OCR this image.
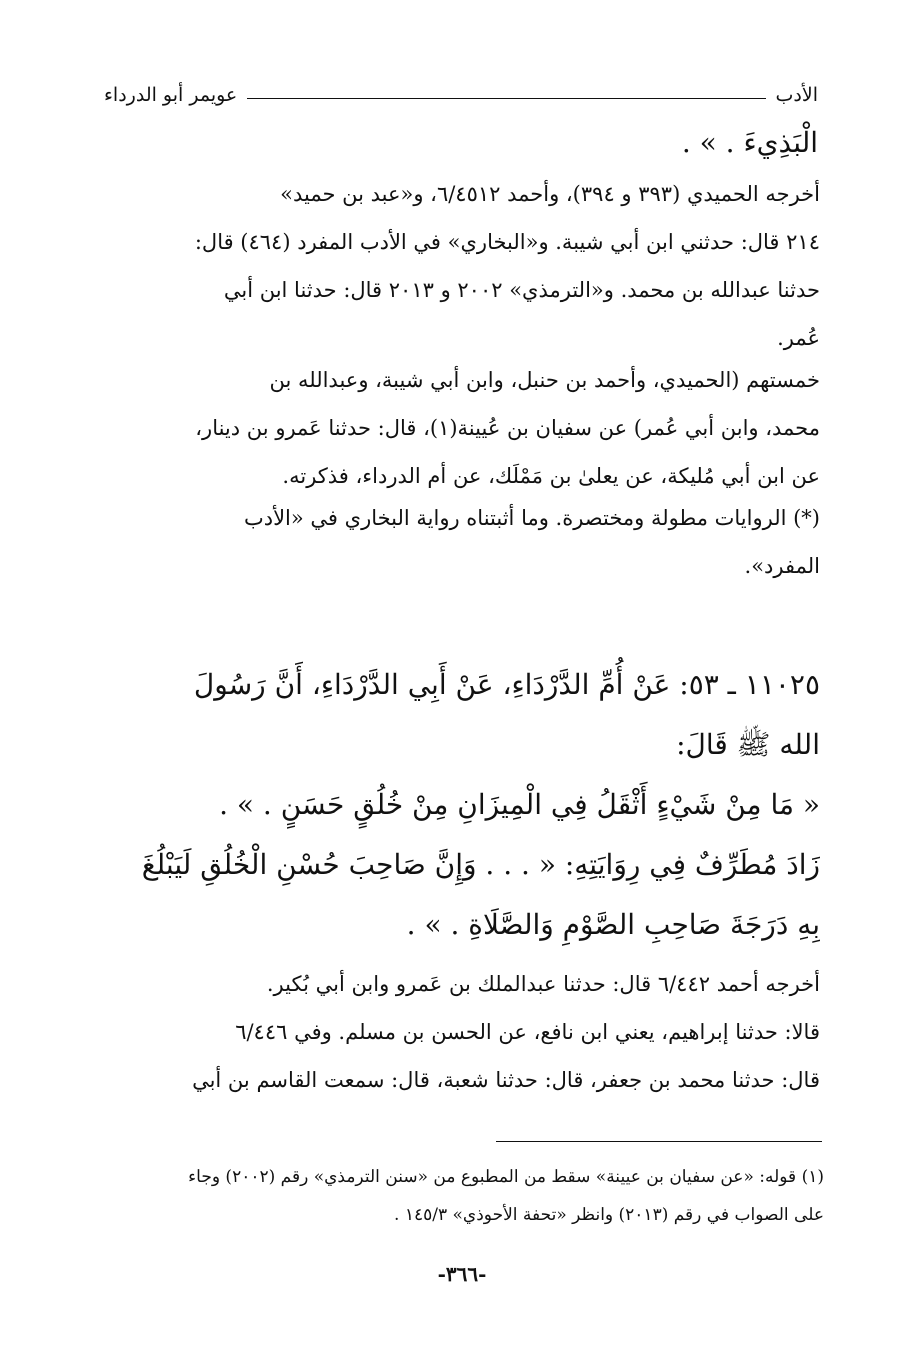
الأدب
عويمر أبو الدرداء
الْبَذِيءَ . » .
أخرجه الحميدي (٣٩٣ و ٣٩٤)، وأحمد ٦/٤٥١٢، و«عبد بن حميد»
٢١٤ قال: حدثني ابن أبي شيبة. و«البخاري» في الأدب المفرد (٤٦٤) قال:
حدثنا عبدالله بن محمد. و«الترمذي» ٢٠٠٢ و ٢٠١٣ قال: حدثنا ابن أبي
عُمر.
خمستهم (الحميدي، وأحمد بن حنبل، وابن أبي شيبة، وعبدالله بن
محمد، وابن أبي عُمر) عن سفيان بن عُيينة(١)، قال: حدثنا عَمرو بن دينار،
عن ابن أبي مُليكة، عن يعلىٰ بن مَمْلَك، عن أم الدرداء، فذكرته.
(*) الروايات مطولة ومختصرة. وما أثبتناه رواية البخاري في «الأدب
المفرد».
١١٠٢٥ ـ ٥٣: عَنْ أُمِّ الدَّرْدَاءِ، عَنْ أَبِي الدَّرْدَاءِ، أَنَّ رَسُولَ
الله ﷺ قَالَ:
« مَا مِنْ شَيْءٍ أَثْقَلُ فِي الْمِيزَانِ مِنْ خُلُقٍ حَسَنٍ . » .
زَادَ مُطَرِّفٌ فِي رِوَايَتِهِ: « . . . وَإِنَّ صَاحِبَ حُسْنِ الْخُلُقِ لَيَبْلُغَ
بِهِ دَرَجَةَ صَاحِبِ الصَّوْمِ وَالصَّلَاةِ . » .
أخرجه أحمد ٦/٤٤٢ قال: حدثنا عبدالملك بن عَمرو وابن أبي بُكير.
قالا: حدثنا إبراهيم، يعني ابن نافع، عن الحسن بن مسلم. وفي ٦/٤٤٦
قال: حدثنا محمد بن جعفر، قال: حدثنا شعبة، قال: سمعت القاسم بن أبي
(١) قوله: «عن سفيان بن عيينة» سقط من المطبوع من «سنن الترمذي» رقم (٢٠٠٢) وجاء
على الصواب في رقم (٢٠١٣) وانظر «تحفة الأحوذي» ١٤٥/٣ .
-٣٦٦-
